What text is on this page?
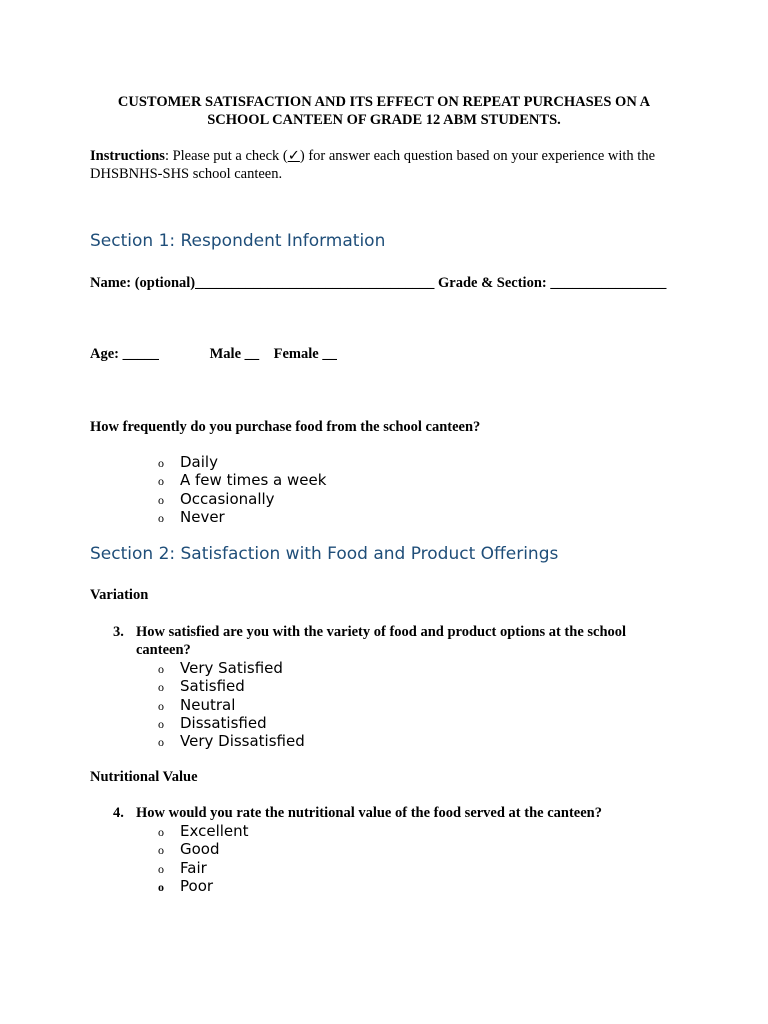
CUSTOMER SATISFACTION AND ITS EFFECT ON REPEAT PURCHASES ON A SCHOOL CANTEEN OF GRADE 12 ABM STUDENTS.
Instructions: Please put a check (✓) for answer each question based on your experience with the DHSBNHS-SHS school canteen.
Section 1: Respondent Information
Name: (optional)_________________________________ Grade & Section: ________________
Age: _____              Male __    Female __
How frequently do you purchase food from the school canteen?
o Daily
o A few times a week
o Occasionally
o Never
Section 2: Satisfaction with Food and Product Offerings
Variation
3. How satisfied are you with the variety of food and product options at the school canteen?
o Very Satisfied
o Satisfied
o Neutral
o Dissatisfied
o Very Dissatisfied
Nutritional Value
4. How would you rate the nutritional value of the food served at the canteen?
o Excellent
o Good
o Fair
o Poor
